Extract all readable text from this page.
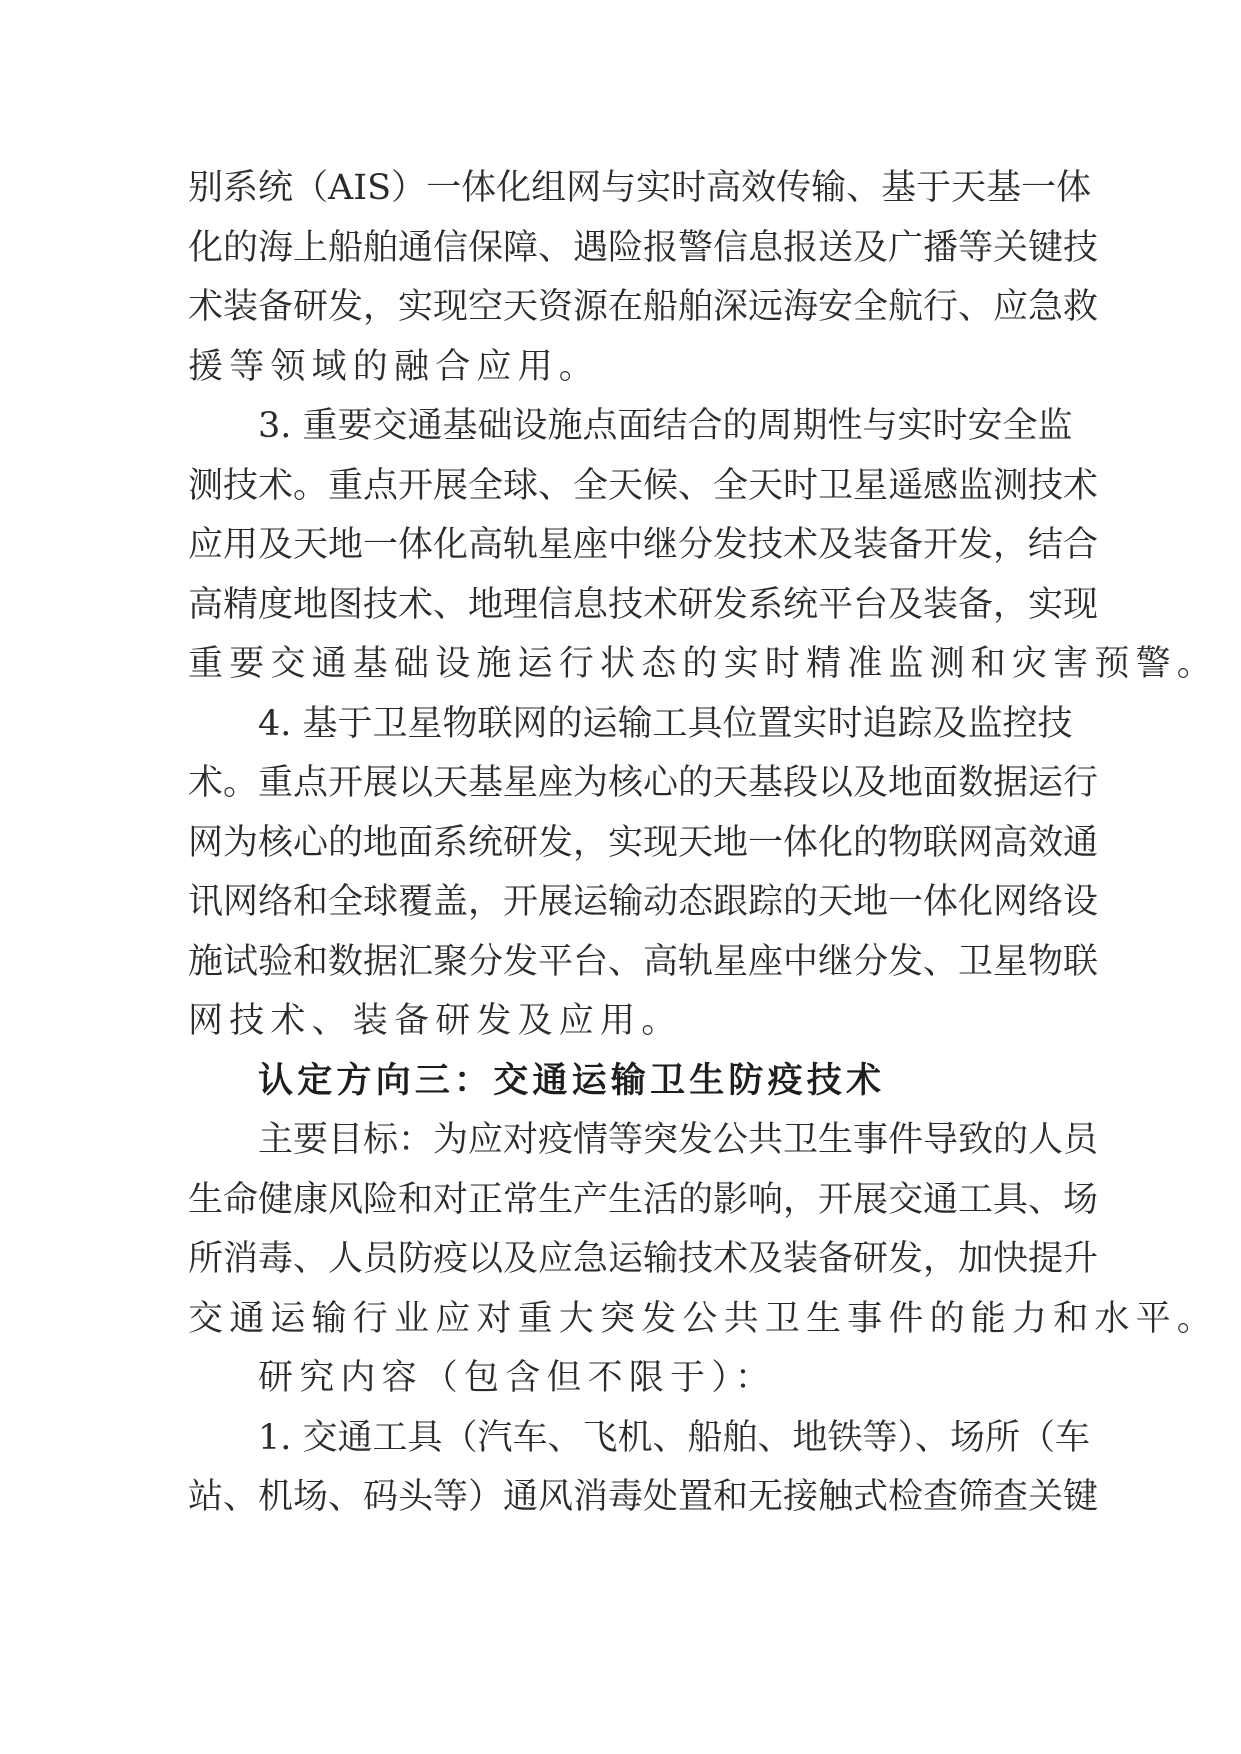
别系统（AIS）一体化组网与实时高效传输、基于天基一体
化的海上船舶通信保障、遇险报警信息报送及广播等关键技
术装备研发，实现空天资源在船舶深远海安全航行、应急救
援等领域的融合应用。
3. 重要交通基础设施点面结合的周期性与实时安全监
测技术。重点开展全球、全天候、全天时卫星遥感监测技术
应用及天地一体化高轨星座中继分发技术及装备开发，结合
高精度地图技术、地理信息技术研发系统平台及装备，实现
重要交通基础设施运行状态的实时精准监测和灾害预警。
4. 基于卫星物联网的运输工具位置实时追踪及监控技
术。重点开展以天基星座为核心的天基段以及地面数据运行
网为核心的地面系统研发，实现天地一体化的物联网高效通
讯网络和全球覆盖，开展运输动态跟踪的天地一体化网络设
施试验和数据汇聚分发平台、高轨星座中继分发、卫星物联
网技术、装备研发及应用。
认定方向三：交通运输卫生防疫技术
主要目标：为应对疫情等突发公共卫生事件导致的人员
生命健康风险和对正常生产生活的影响，开展交通工具、场
所消毒、人员防疫以及应急运输技术及装备研发，加快提升
交通运输行业应对重大突发公共卫生事件的能力和水平。
研究内容（包含但不限于）：
1. 交通工具（汽车、飞机、船舶、地铁等）、场所（车
站、机场、码头等）通风消毒处置和无接触式检查筛查关键
